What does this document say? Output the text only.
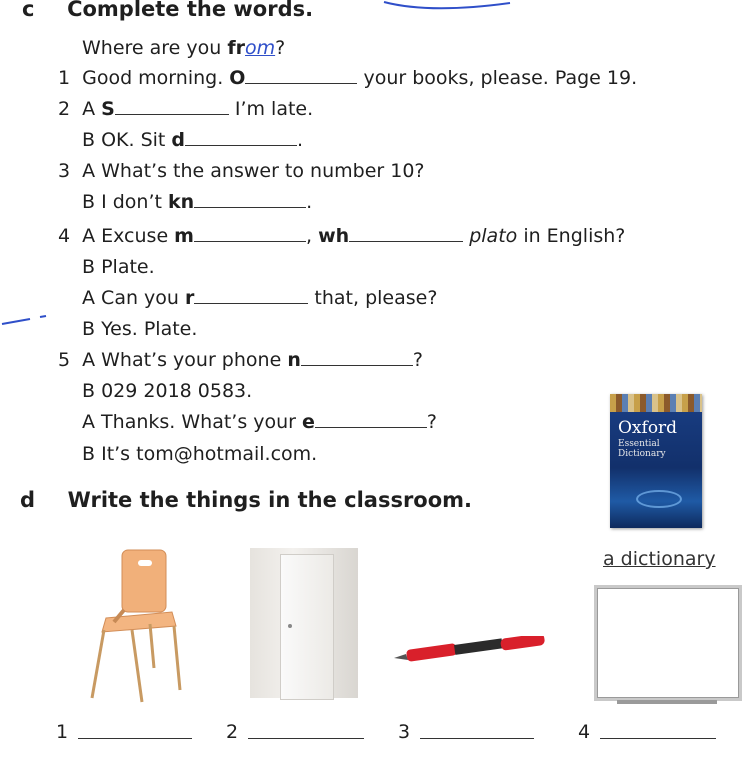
c Complete the words.
Where are you from?
1 Good morning. O	your books, please. Page 19.
2 A S	I’m late.
B OK. Sit d	.
3 A What’s the answer to number 10?
B I don’t kn	.
4 A Excuse m	, wh	plato in English?
B Plate.
A Can you r	that, please?
B Yes. Plate.
5 A What’s your phone n	?
B 029 2018 0583.
A Thanks. What’s your e	?
B It’s tom@hotmail.com.
Oxford
Essential
Dictionary
d Write the things in the classroom.
a dictionary
1	2	3	4
